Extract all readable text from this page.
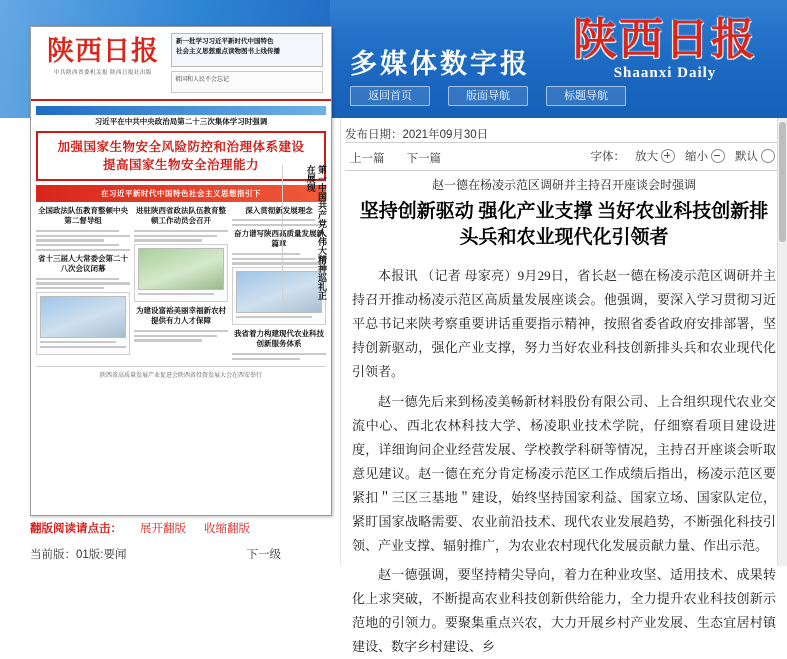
多媒体数字报 陕西日报
Shaanxi Daily
返回首页	版面导航	标题导航
发布日期：2021年09月30日
上一篇 下一篇	字体： 放大 缩小 默认
赵一德在杨凌示范区调研并主持召开座谈会时强调
坚持创新驱动 强化产业支撑 当好农业科技创新排头兵和农业现代化引领者

本报讯 （记者 母家亮）9月29日，省长赵一德在杨凌示范区调研并主持召开推动杨凌示范区高质量发展座谈会。他强调，要深入学习贯彻习近平总书记来陕考察重要讲话重要指示精神，按照省委省政府安排部署，坚持创新驱动，强化产业支撑，努力当好农业科技创新排头兵和农业现代化引领者。

赵一德先后来到杨凌美畅新材料股份有限公司、上合组织现代农业交流中心、西北农林科技大学、杨凌职业技术学院，仔细察看项目建设进度，详细询问企业经营发展、学校教学科研等情况，主持召开座谈会听取意见建议。赵一德在充分肯定杨凌示范区工作成绩后指出，杨凌示范区要紧扣＂三区三基地＂建设，始终坚持国家利益、国家立场、国家队定位，紧盯国家战略需要、农业前沿技术、现代农业发展趋势，不断强化科技引领、产业支撑、辐射推广，为农业农村现代化发展贡献力量、作出示范。

赵一德强调，要坚持精尖导向，着力在种业攻坚、适用技术、成果转化上求突破，不断提高农业科技创新供给能力，全力提升农业科技创新示范地的引领力。要聚集重点兴农，大力开展乡村产业发展、生态宜居村镇建设、数字乡村建设、乡

陕西日报
中共陕西省委机关报 陕西日报社出版
新一批学习习近平新时代中国特色
社会主义思想重点读物图书上线传播
祖国和人民不会忘记
习近平在中共中央政治局第二十三次集体学习时强调
加强国家生物安全风险防控和治理体系建设
提高国家生物安全治理能力
在习近平新时代中国特色社会主义思想指引下
全国政法队伍教育整顿中央第二督导组
省十三届人大常委会第二十八次会议闭幕
进驻陕西省政法队伍教育整顿工作动员会召开
为建设富裕美丽幸福新农村提供有力人才保障
深入贯彻新发展理念
奋力谱写陕西高质量发展新篇章
我省着力构建现代农业科技创新服务体系
第一中国共产党人伟大精神巡礼正在展现
陕西省高质量发展产业促进会陕西省投资发展大会在西安举行
翻版阅读请点击： 展开翻版 收缩翻版
当前版：01版:要闻	下一级
